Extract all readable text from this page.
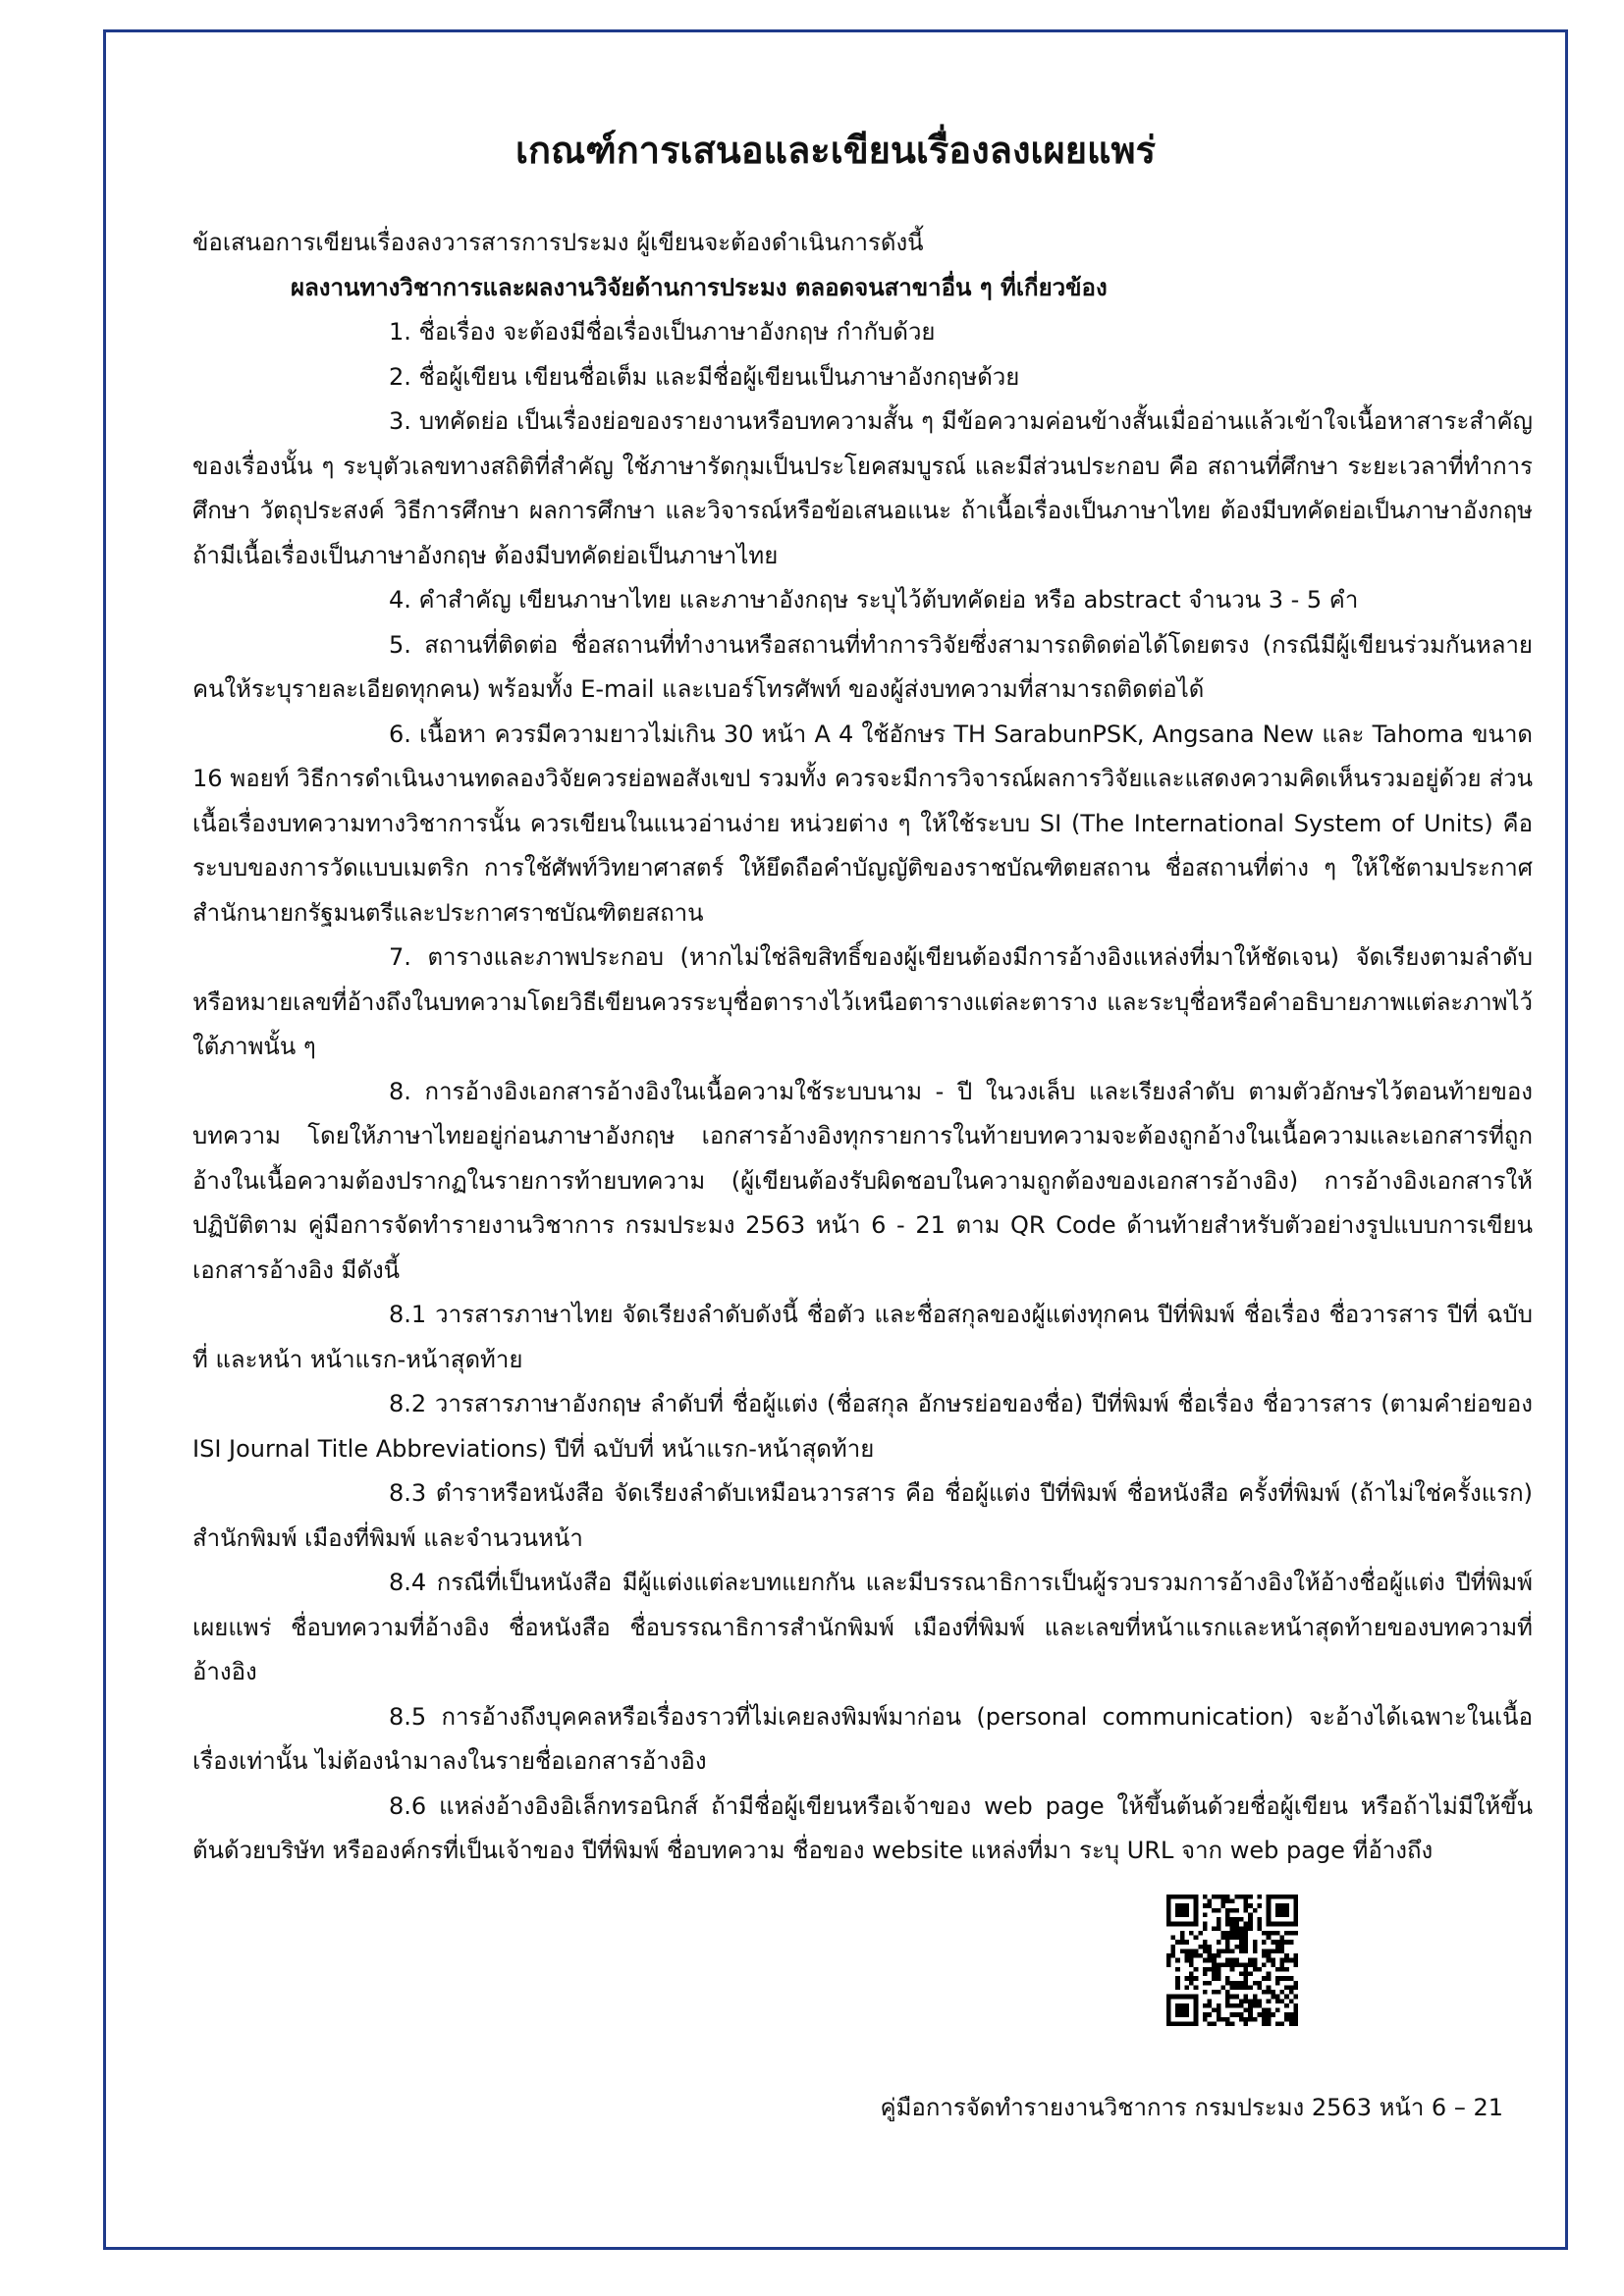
เกณฑ์การเสนอและเขียนเรื่องลงเผยแพร่

ข้อเสนอการเขียนเรื่องลงวารสารการประมง ผู้เขียนจะต้องดำเนินการดังนี้

ผลงานทางวิชาการและผลงานวิจัยด้านการประมง ตลอดจนสาขาอื่น ๆ ที่เกี่ยวข้อง

1. ชื่อเรื่อง จะต้องมีชื่อเรื่องเป็นภาษาอังกฤษ กำกับด้วย

2. ชื่อผู้เขียน เขียนชื่อเต็ม และมีชื่อผู้เขียนเป็นภาษาอังกฤษด้วย

3. บทคัดย่อ เป็นเรื่องย่อของรายงานหรือบทความสั้น ๆ มีข้อความค่อนข้างสั้นเมื่ออ่านแล้วเข้าใจเนื้อหาสาระสำคัญของเรื่องนั้น ๆ ระบุตัวเลขทางสถิติที่สำคัญ ใช้ภาษารัดกุมเป็นประโยคสมบูรณ์ และมีส่วนประกอบ คือ สถานที่ศึกษา ระยะเวลาที่ทำการศึกษา วัตถุประสงค์ วิธีการศึกษา ผลการศึกษา และวิจารณ์หรือข้อเสนอแนะ ถ้าเนื้อเรื่องเป็นภาษาไทย ต้องมีบทคัดย่อเป็นภาษาอังกฤษ ถ้ามีเนื้อเรื่องเป็นภาษาอังกฤษ ต้องมีบทคัดย่อเป็นภาษาไทย

4. คำสำคัญ เขียนภาษาไทย และภาษาอังกฤษ ระบุไว้ต้บทคัดย่อ หรือ abstract จำนวน 3 - 5 คำ

5. สถานที่ติดต่อ ชื่อสถานที่ทำงานหรือสถานที่ทำการวิจัยซึ่งสามารถติดต่อได้โดยตรง (กรณีมีผู้เขียนร่วมกันหลายคนให้ระบุรายละเอียดทุกคน) พร้อมทั้ง E-mail และเบอร์โทรศัพท์ ของผู้ส่งบทความที่สามารถติดต่อได้

6. เนื้อหา ควรมีความยาวไม่เกิน 30 หน้า A 4 ใช้อักษร TH SarabunPSK, Angsana New และ Tahoma ขนาด 16 พอยท์ วิธีการดำเนินงานทดลองวิจัยควรย่อพอสังเขป รวมทั้ง ควรจะมีการวิจารณ์ผลการวิจัยและแสดงความคิดเห็นรวมอยู่ด้วย ส่วนเนื้อเรื่องบทความทางวิชาการนั้น ควรเขียนในแนวอ่านง่าย หน่วยต่าง ๆ ให้ใช้ระบบ SI (The International System of Units) คือ ระบบของการวัดแบบเมตริก การใช้ศัพท์วิทยาศาสตร์ ให้ยึดถือคำบัญญัติของราชบัณฑิตยสถาน ชื่อสถานที่ต่าง ๆ ให้ใช้ตามประกาศสำนักนายกรัฐมนตรีและประกาศราชบัณฑิตยสถาน

7. ตารางและภาพประกอบ (หากไม่ใช่ลิขสิทธิ์ของผู้เขียนต้องมีการอ้างอิงแหล่งที่มาให้ชัดเจน) จัดเรียงตามลำดับหรือหมายเลขที่อ้างถึงในบทความโดยวิธีเขียนควรระบุชื่อตารางไว้เหนือตารางแต่ละตาราง และระบุชื่อหรือคำอธิบายภาพแต่ละภาพไว้ใต้ภาพนั้น ๆ

8. การอ้างอิงเอกสารอ้างอิงในเนื้อความใช้ระบบนาม - ปี ในวงเล็บ และเรียงลำดับ ตามตัวอักษรไว้ตอนท้ายของบทความ โดยให้ภาษาไทยอยู่ก่อนภาษาอังกฤษ เอกสารอ้างอิงทุกรายการในท้ายบทความจะต้องถูกอ้างในเนื้อความและเอกสารที่ถูกอ้างในเนื้อความต้องปรากฏในรายการท้ายบทความ (ผู้เขียนต้องรับผิดชอบในความถูกต้องของเอกสารอ้างอิง) การอ้างอิงเอกสารให้ปฏิบัติตาม คู่มือการจัดทำรายงานวิชาการ กรมประมง 2563 หน้า 6 - 21 ตาม QR Code ด้านท้ายสำหรับตัวอย่างรูปแบบการเขียนเอกสารอ้างอิง มีดังนี้

8.1 วารสารภาษาไทย จัดเรียงลำดับดังนี้ ชื่อตัว และชื่อสกุลของผู้แต่งทุกคน ปีที่พิมพ์ ชื่อเรื่อง ชื่อวารสาร ปีที่ ฉบับที่ และหน้า หน้าแรก-หน้าสุดท้าย

8.2 วารสารภาษาอังกฤษ ลำดับที่ ชื่อผู้แต่ง (ชื่อสกุล อักษรย่อของชื่อ) ปีที่พิมพ์ ชื่อเรื่อง ชื่อวารสาร (ตามคำย่อของ ISI Journal Title Abbreviations) ปีที่ ฉบับที่ หน้าแรก-หน้าสุดท้าย

8.3 ตำราหรือหนังสือ จัดเรียงลำดับเหมือนวารสาร คือ ชื่อผู้แต่ง ปีที่พิมพ์ ชื่อหนังสือ ครั้งที่พิมพ์ (ถ้าไม่ใช่ครั้งแรก) สำนักพิมพ์ เมืองที่พิมพ์ และจำนวนหน้า

8.4 กรณีที่เป็นหนังสือ มีผู้แต่งแต่ละบทแยกกัน และมีบรรณาธิการเป็นผู้รวบรวมการอ้างอิงให้อ้างชื่อผู้แต่ง ปีที่พิมพ์เผยแพร่ ชื่อบทความที่อ้างอิง ชื่อหนังสือ ชื่อบรรณาธิการสำนักพิมพ์ เมืองที่พิมพ์ และเลขที่หน้าแรกและหน้าสุดท้ายของบทความที่อ้างอิง

8.5 การอ้างถึงบุคคลหรือเรื่องราวที่ไม่เคยลงพิมพ์มาก่อน (personal communication) จะอ้างได้เฉพาะในเนื้อเรื่องเท่านั้น ไม่ต้องนำมาลงในรายชื่อเอกสารอ้างอิง

8.6 แหล่งอ้างอิงอิเล็กทรอนิกส์ ถ้ามีชื่อผู้เขียนหรือเจ้าของ web page ให้ขึ้นต้นด้วยชื่อผู้เขียน หรือถ้าไม่มีให้ขึ้นต้นด้วยบริษัท หรือองค์กรที่เป็นเจ้าของ ปีที่พิมพ์ ชื่อบทความ ชื่อของ website แหล่งที่มา ระบุ URL จาก web page ที่อ้างถึง

คู่มือการจัดทำรายงานวิชาการ กรมประมง 2563 หน้า 6 – 21
